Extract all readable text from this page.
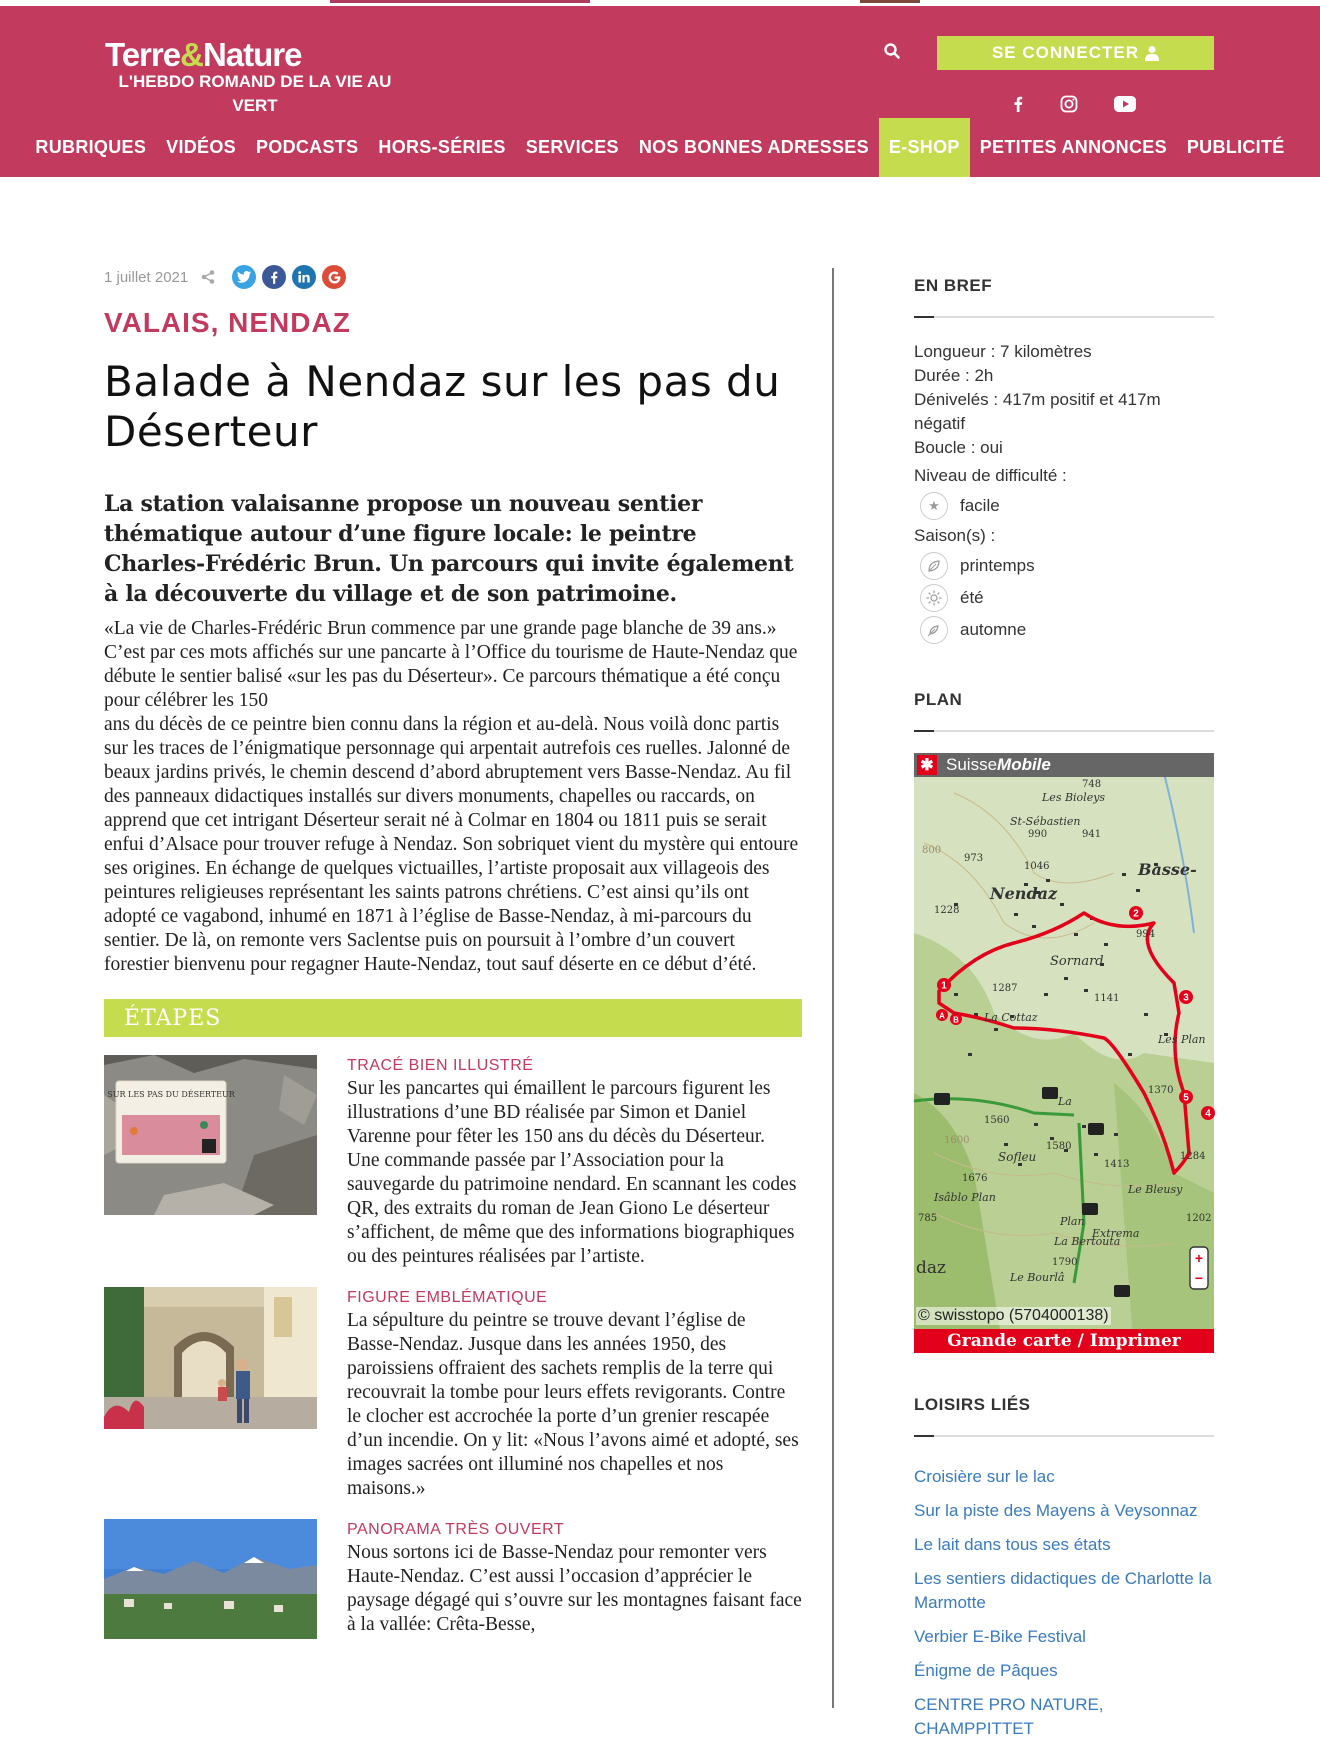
Terre&Nature
L'HEBDO ROMAND DE LA VIE AU VERT
SE CONNECTER
RUBRIQUES	VIDÉOS	PODCASTS	HORS-SÉRIES	SERVICES	NOS BONNES ADRESSES	E-SHOP	PETITES ANNONCES	PUBLICITÉ
1 juillet 2021
VALAIS, NENDAZ
Balade à Nendaz sur les pas du Déserteur

La station valaisanne propose un nouveau sentier thématique autour d’une figure locale: le peintre Charles-Frédéric Brun. Un parcours qui invite également à la découverte du village et de son patrimoine.

«La vie de Charles-Frédéric Brun commence par une grande page blanche de 39 ans.» C’est par ces mots affichés sur une pancarte à l’Office du tourisme de Haute-Nendaz que débute le sentier balisé «sur les pas du Déserteur». Ce parcours thématique a été conçu pour célébrer les 150

ans du décès de ce peintre bien connu dans la région et au-delà. Nous voilà donc partis sur les traces de l’énigmatique personnage qui arpentait autrefois ces ruelles. Jalonné de beaux jardins privés, le chemin descend d’abord abruptement vers Basse-Nendaz. Au fil des panneaux didactiques installés sur divers monuments, chapelles ou raccards, on apprend que cet intrigant Déserteur serait né à Colmar en 1804 ou 1811 puis se serait enfui d’Alsace pour trouver refuge à Nendaz. Son sobriquet vient du mystère qui entoure ses origines. En échange de quelques victuailles, l’artiste proposait aux villageois des peintures religieuses représentant les saints patrons chrétiens. C’est ainsi qu’ils ont adopté ce vagabond, inhumé en 1871 à l’église de Basse-Nendaz, à mi-parcours du sentier. De là, on remonte vers Saclentse puis on poursuit à l’ombre d’un couvert forestier bienvenu pour regagner Haute-Nendaz, tout sauf déserte en ce début d’été.

ÉTAPES
SUR LES PAS DU DÉSERTEUR
TRACÉ BIEN ILLUSTRÉ

Sur les pancartes qui émaillent le parcours figurent les illustrations d’une BD réalisée par Simon et Daniel Varenne pour fêter les 150 ans du décès du Déserteur. Une commande passée par l’Association pour la sauvegarde du patrimoine nendard. En scannant les codes QR, des extraits du roman de Jean Giono Le déserteur s’affichent, de même que des informations biographiques ou des peintures réalisées par l’artiste.

FIGURE EMBLÉMATIQUE

La sépulture du peintre se trouve devant l’église de Basse-Nendaz. Jusque dans les années 1950, des paroissiens offraient des sachets remplis de la terre qui recouvrait la tombe pour leurs effets revigorants. Contre le clocher est accrochée la porte d’un grenier rescapée d’un incendie. On y lit: «Nous l’avons aimé et adopté, ses images sacrées ont illuminé nos chapelles et nos maisons.»

PANORAMA TRÈS OUVERT

Nous sortons ici de Basse-Nendaz pour remonter vers Haute-Nendaz. C’est aussi l’occasion d’apprécier le paysage dégagé qui s’ouvre sur les montagnes faisant face à la vallée: Crêta-Besse,

EN BREF
Longueur : 7 kilomètres
Durée : 2h
Dénivelés : 417m positif et 417m négatif
Boucle : oui
Niveau de difficulté :
★	facile
Saison(s) :
printemps
été
automne
PLAN
1
2
3
4
5
A B
Les Bioleys
St-Sébastien
990	941
748
800
973
1046	Basse-
Nendaz
1228
994
Sornard
1287
1141
La Cottaz
Les Plan
1370
1560
La
1580
Sofleu
1413
1600
1676
Isâblo Plan
Le Bleusy
785	1202
Plan
Extrema
La Bertouta
1790
daz	Le Bourlâ
1284
+
−
✱ Suisse Mobile
© swisstopo (5704000138)
Grande carte / Imprimer
LOISIRS LIÉS
Croisière sur le lac
Sur la piste des Mayens à Veysonnaz
Le lait dans tous ses états
Les sentiers didactiques de Charlotte la Marmotte
Verbier E-Bike Festival
Énigme de Pâques
CENTRE PRO NATURE, CHAMPPITTET
